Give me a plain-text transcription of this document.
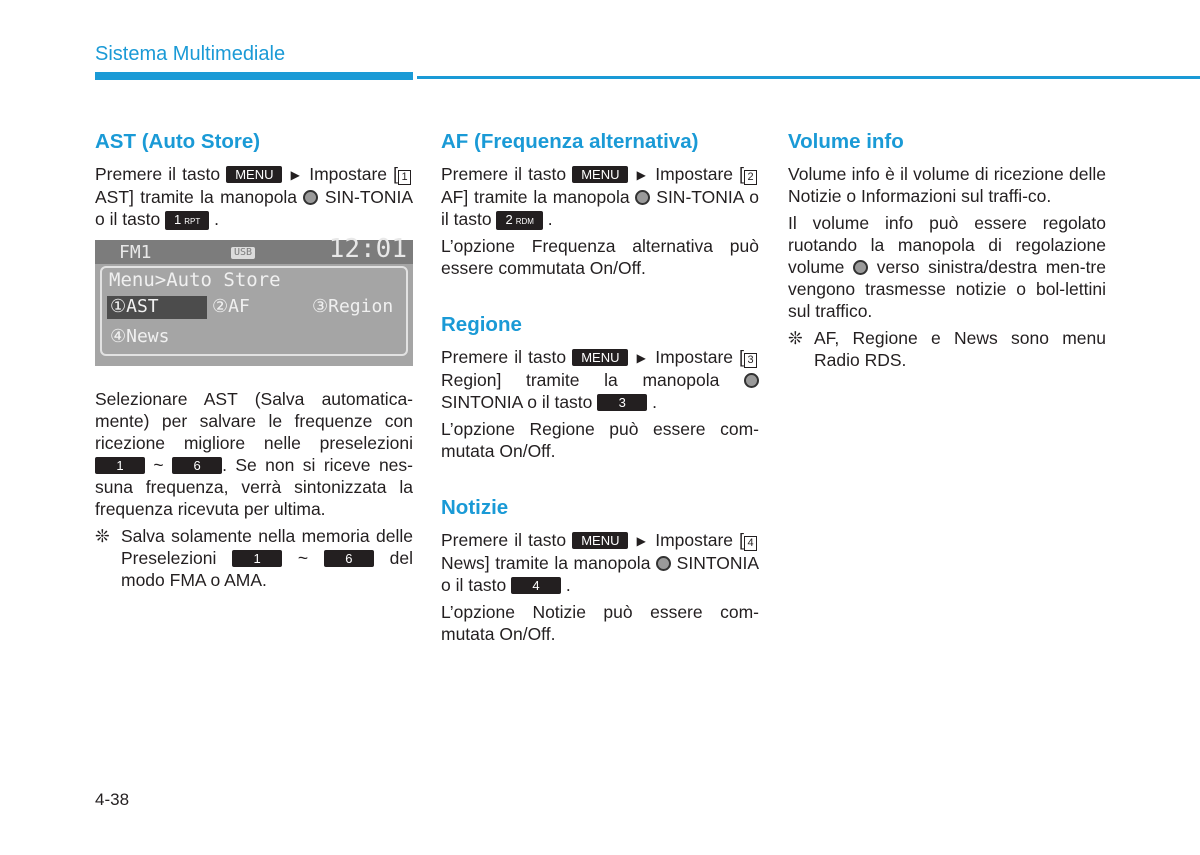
Sistema Multimediale
AST (Auto Store)

Premere il tasto MENU ▶ Impostare [ 1AST] tramite la manopola  SIN-TONIA o il tasto 1 RPT .

FM1	USB	12:01
Menu>Auto Store
①AST	②AF	③Region
④News

Selezionare AST (Salva automatica-mente) per salvare le frequenze con ricezione migliore nelle preselezioni 1 ~ 6 . Se non si riceve nes-suna frequenza, verrà sintonizzata la frequenza ricevuta per ultima.

❊ Salva solamente nella memoria delle Preselezioni 1 ~ 6 del modo FMA o AMA.
AF (Frequenza alternativa)

Premere il tasto MENU ▶ Impostare [ 2 AF] tramite la manopola  SIN-TONIA o il tasto 2 RDM .

L’opzione Frequenza alternativa può essere commutata On/Off.

Regione

Premere il tasto MENU ▶ Impostare [ 3 Region] tramite la manopola  SINTONIA o il tasto 3 .

L’opzione Regione può essere com-mutata On/Off.

Notizie

Premere il tasto MENU ▶ Impostare [ 4 News] tramite la manopola  SINTONIA o il tasto 4 .

L’opzione Notizie può essere com-mutata On/Off.

Volume info

Volume info è il volume di ricezione delle Notizie o Informazioni sul traffi-co.

Il volume info può essere regolato ruotando la manopola di regolazione volume  verso sinistra/destra men-tre vengono trasmesse notizie o bol-lettini sul traffico.

❊ AF, Regione e News sono menu Radio RDS.
4-38
